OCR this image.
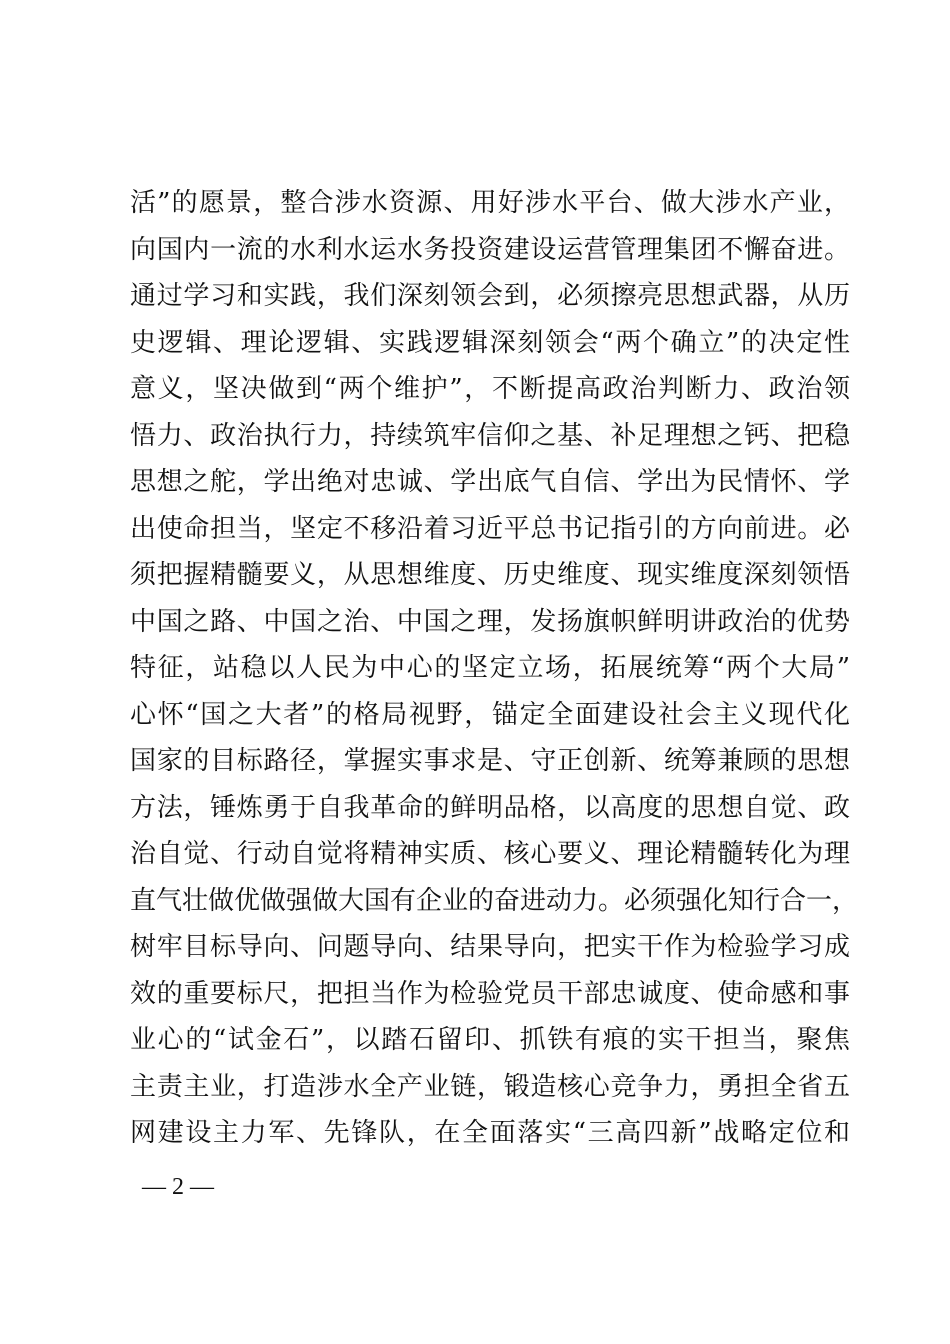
活”的愿景，整合涉水资源、用好涉水平台、做大涉水产业，
向国内一流的水利水运水务投资建设运营管理集团不懈奋进。
通过学习和实践，我们深刻领会到，必须擦亮思想武器，从历
史逻辑、理论逻辑、实践逻辑深刻领会“两个确立”的决定性
意义，坚决做到“两个维护”，不断提高政治判断力、政治领
悟力、政治执行力，持续筑牢信仰之基、补足理想之钙、把稳
思想之舵，学出绝对忠诚、学出底气自信、学出为民情怀、学
出使命担当，坚定不移沿着习近平总书记指引的方向前进。必
须把握精髓要义，从思想维度、历史维度、现实维度深刻领悟
中国之路、中国之治、中国之理，发扬旗帜鲜明讲政治的优势
特征，站稳以人民为中心的坚定立场，拓展统筹“两个大局”
心怀“国之大者”的格局视野，锚定全面建设社会主义现代化
国家的目标路径，掌握实事求是、守正创新、统筹兼顾的思想
方法，锤炼勇于自我革命的鲜明品格，以高度的思想自觉、政
治自觉、行动自觉将精神实质、核心要义、理论精髓转化为理
直气壮做优做强做大国有企业的奋进动力。必须强化知行合一，
树牢目标导向、问题导向、结果导向，把实干作为检验学习成
效的重要标尺，把担当作为检验党员干部忠诚度、使命感和事
业心的“试金石”，以踏石留印、抓铁有痕的实干担当，聚焦
主责主业，打造涉水全产业链，锻造核心竞争力，勇担全省五
网建设主力军、先锋队，在全面落实“三高四新”战略定位和
— 2 —
